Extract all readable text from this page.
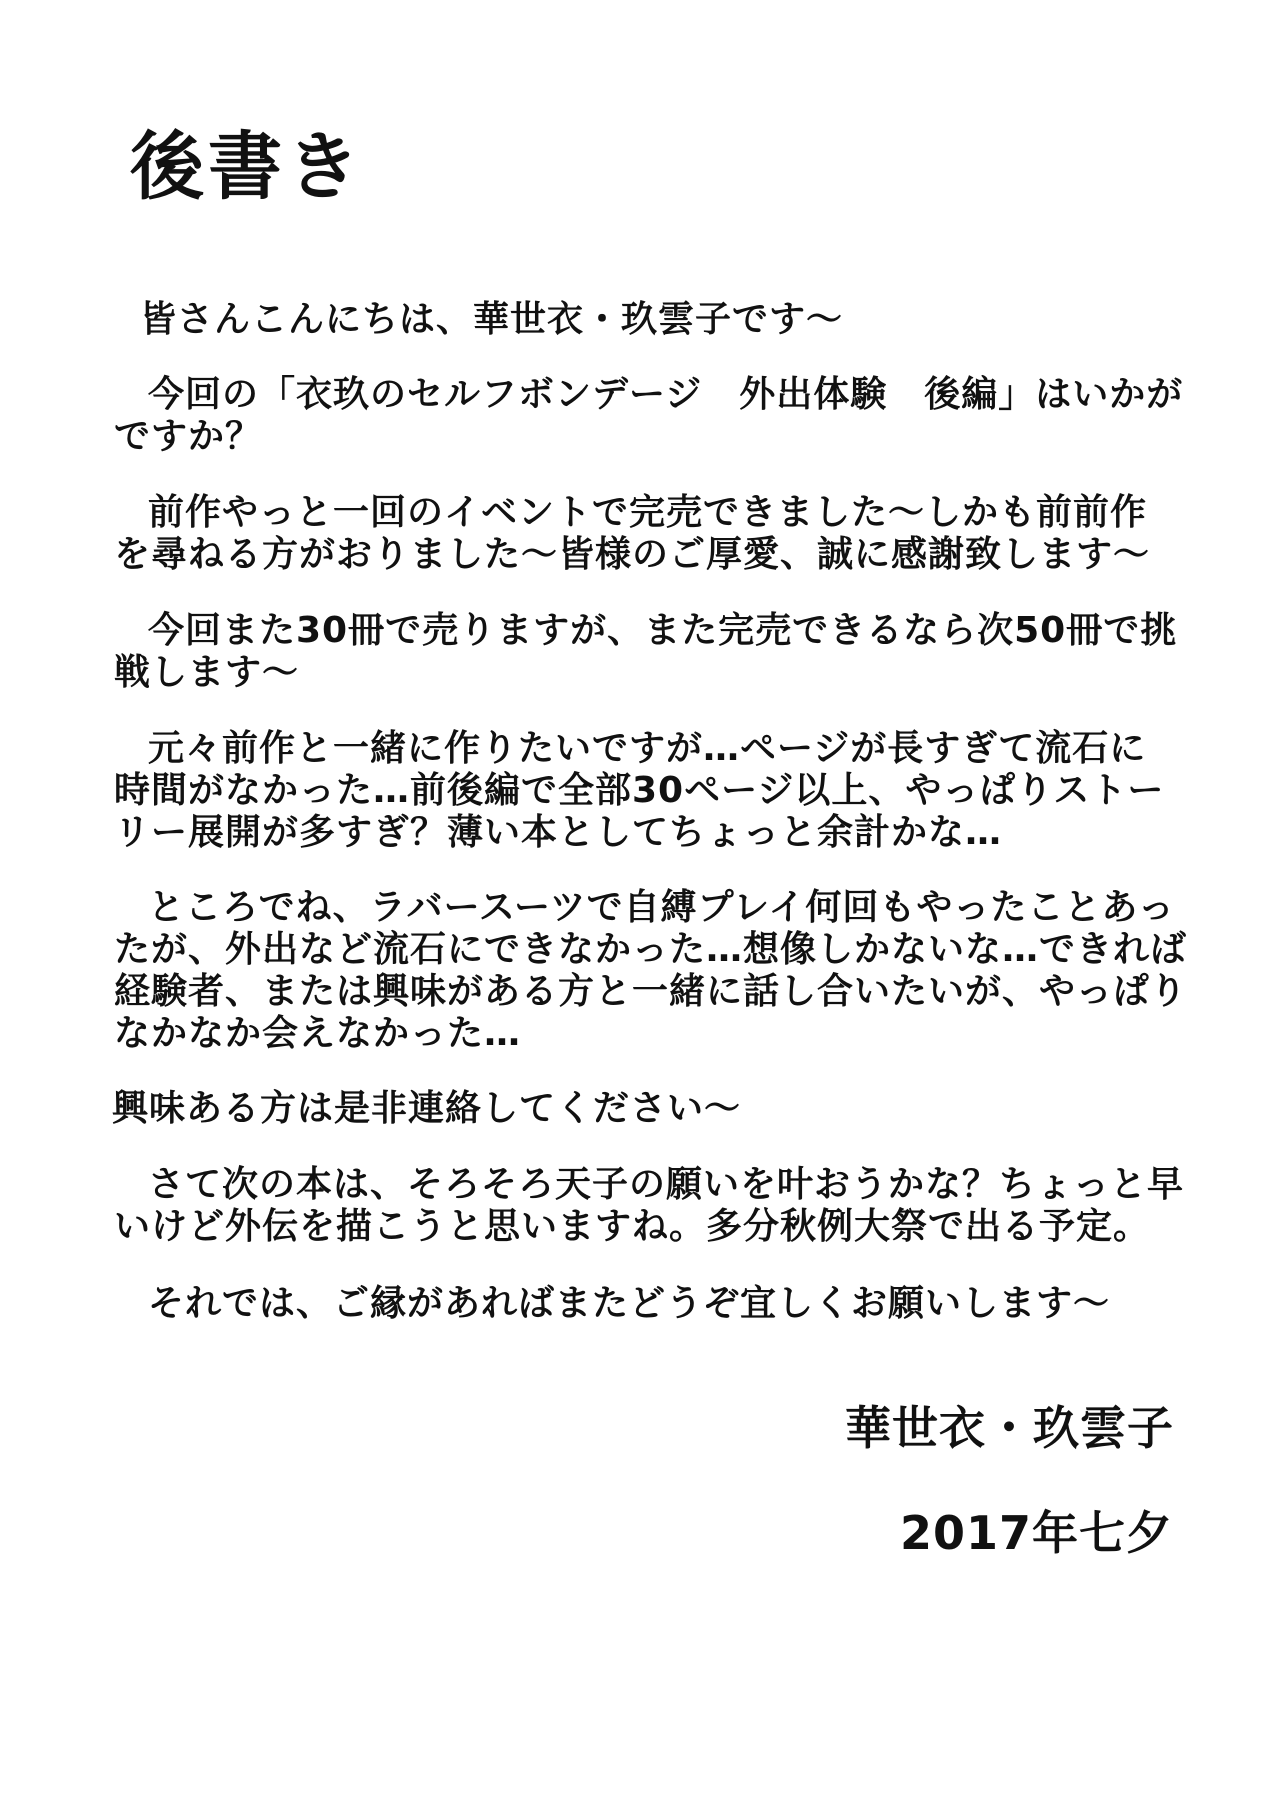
後書き
皆さんこんにちは、華世衣・玖雲子です～
今回の「衣玖のセルフボンデージ　外出体験　後編」はいかが
ですか？
前作やっと一回のイベントで完売できました～しかも前前作
を尋ねる方がおりました～皆様のご厚愛、誠に感謝致します～
今回また30冊で売りますが、また完売できるなら次50冊で挑
戦します～
元々前作と一緒に作りたいですが…ページが長すぎて流石に
時間がなかった…前後編で全部30ページ以上、やっぱりストー
リー展開が多すぎ？薄い本としてちょっと余計かな…
ところでね、ラバースーツで自縛プレイ何回もやったことあっ
たが、外出など流石にできなかった…想像しかないな…できれば
経験者、または興味がある方と一緒に話し合いたいが、やっぱり
なかなか会えなかった…
興味ある方は是非連絡してください～
さて次の本は、そろそろ天子の願いを叶おうかな？ちょっと早
いけど外伝を描こうと思いますね。多分秋例大祭で出る予定。
それでは、ご縁があればまたどうぞ宜しくお願いします～
華世衣・玖雲子
2017年七夕
